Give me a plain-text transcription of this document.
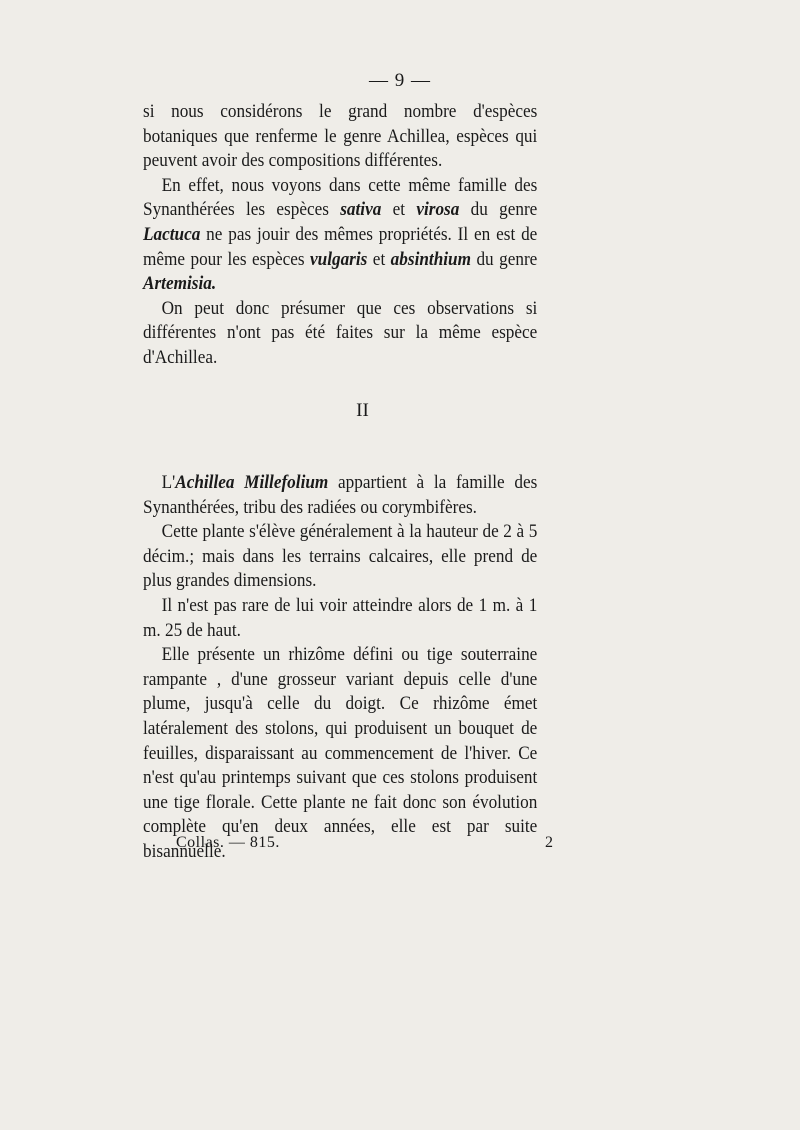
— 9 —

si nous considérons le grand nombre d'espèces botaniques que renferme le genre Achillea, espèces qui peuvent avoir des compositions différentes.

En effet, nous voyons dans cette même famille des Synanthérées les espèces sativa et virosa du genre Lactuca ne pas jouir des mêmes propriétés. Il en est de même pour les espèces vulgaris et absinthium du genre Artemisia.

On peut donc présumer que ces observations si différentes n'ont pas été faites sur la même espèce d'Achillea.

II

L'Achillea Millefolium appartient à la famille des Synanthérées, tribu des radiées ou corymbifères.

Cette plante s'élève généralement à la hauteur de 2 à 5 décim.; mais dans les terrains calcaires, elle prend de plus grandes dimensions.

Il n'est pas rare de lui voir atteindre alors de 1 m. à 1 m. 25 de haut.

Elle présente un rhizôme défini ou tige souterraine rampante , d'une grosseur variant depuis celle d'une plume, jusqu'à celle du doigt. Ce rhizôme émet latéralement des stolons, qui produisent un bouquet de feuilles, disparaissant au commencement de l'hiver. Ce n'est qu'au printemps suivant que ces stolons produisent une tige florale. Cette plante ne fait donc son évolution complète qu'en deux années, elle est par suite bisannuelle.

Collas. — 815.	2
